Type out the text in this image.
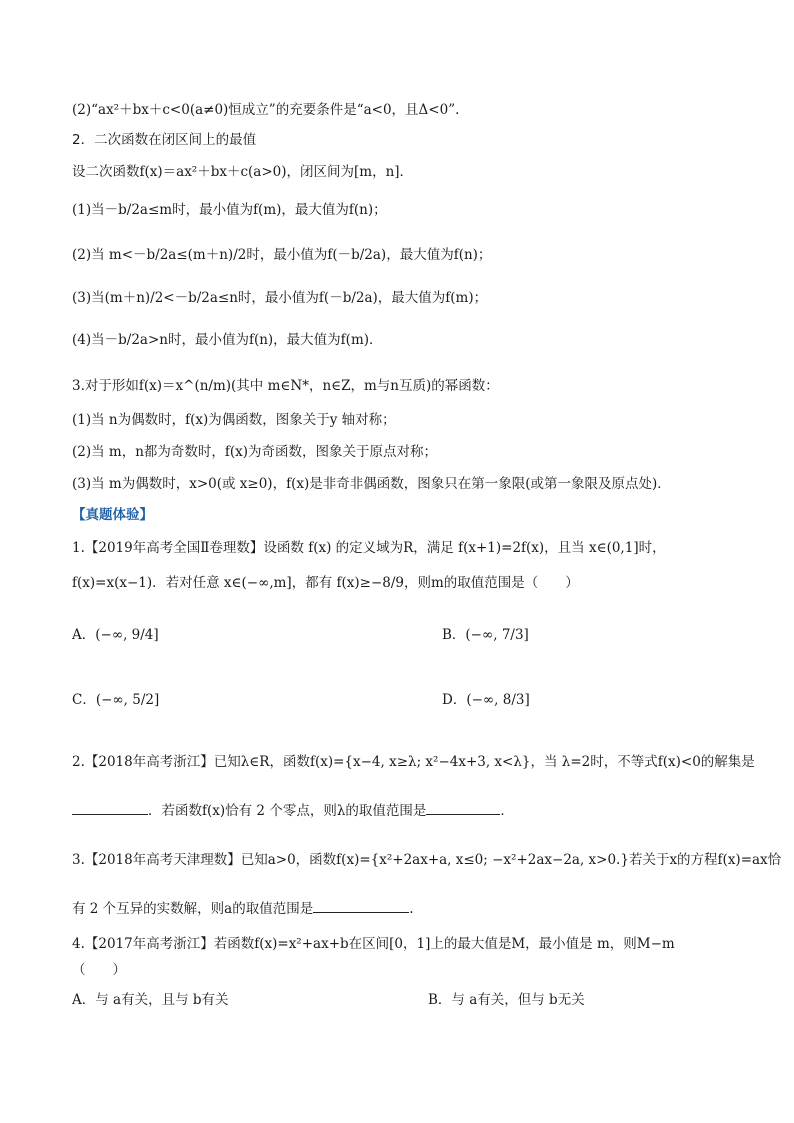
(2)“ax²＋bx＋c<0(a≠0)恒成立”的充要条件是“a<0，且Δ<0”.
2．二次函数在闭区间上的最值
设二次函数f(x)＝ax²＋bx＋c(a>0)，闭区间为[m，n]．
(1)当－b/2a≤m时，最小值为f(m)，最大值为f(n)；
(2)当 m<－b/2a≤(m＋n)/2时，最小值为f(－b/2a)，最大值为f(n)；
(3)当(m＋n)/2<－b/2a≤n时，最小值为f(－b/2a)，最大值为f(m)；
(4)当－b/2a>n时，最小值为f(n)，最大值为f(m)．
3.对于形如f(x)＝x^(n/m)(其中 m∈N*，n∈Z，m与n互质)的幂函数：
(1)当 n为偶数时，f(x)为偶函数，图象关于y 轴对称；
(2)当 m，n都为奇数时，f(x)为奇函数，图象关于原点对称；
(3)当 m为偶数时，x>0(或 x≥0)，f(x)是非奇非偶函数，图象只在第一象限(或第一象限及原点处)．
【真题体验】
1.【2019年高考全国Ⅱ卷理数】设函数 f(x) 的定义域为R，满足 f(x+1)=2f(x)，且当 x∈(0,1]时，
f(x)=x(x−1)．若对任意 x∈(−∞,m]，都有 f(x)≥−8/9，则m的取值范围是（　　）
A．(−∞, 9/4]	B．(−∞, 7/3]
C．(−∞, 5/2]	D．(−∞, 8/3]
2.【2018年高考浙江】已知λ∈R，函数f(x)={x−4, x≥λ; x²−4x+3, x<λ}，当 λ=2时，不等式f(x)<0的解集是
．若函数f(x)恰有 2 个零点，则λ的取值范围是	．
3.【2018年高考天津理数】已知a>0，函数f(x)={x²+2ax+a, x≤0; −x²+2ax−2a, x>0.}若关于x的方程f(x)=ax恰
有 2 个互异的实数解，则a的取值范围是	.
4.【2017年高考浙江】若函数f(x)=x²+ax+b在区间[0，1]上的最大值是M，最小值是 m，则M−m
（　　）
A．与 a有关，且与 b有关	B．与 a有关，但与 b无关
